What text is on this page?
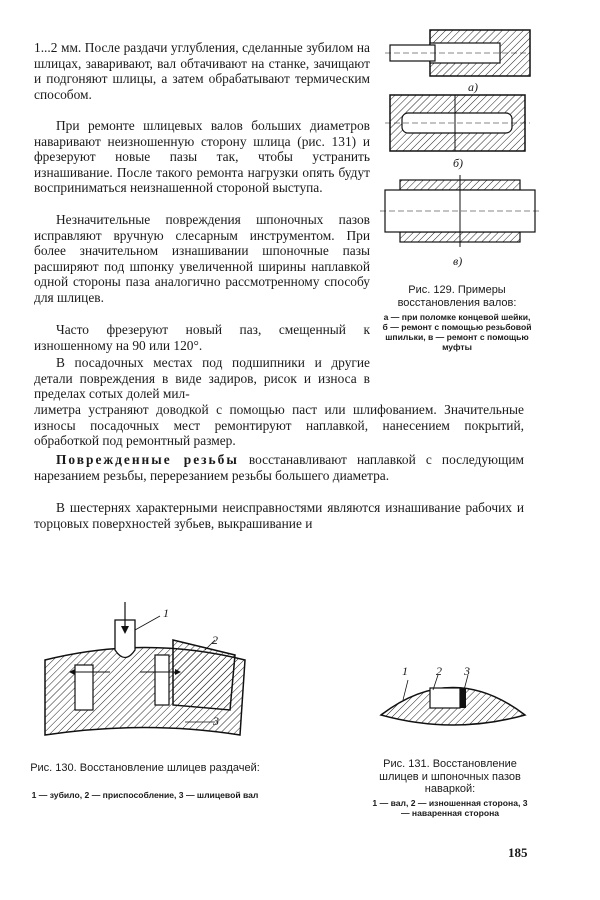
1...2 мм. После раздачи углубления, сделанные зубилом на шлицах, заваривают, вал обтачивают на станке, зачищают и подгоняют шлицы, а затем обрабатывают термическим способом.

При ремонте шлицевых валов больших диаметров наваривают неизношенную сторону шлица (рис. 131) и фрезеруют новые пазы так, чтобы устранить изнашивание. После такого ремонта нагрузки опять будут восприниматься неизнашенной стороной выступа.

Незначительные повреждения шпоночных пазов исправляют вручную слесарным инструментом. При более значительном изнашивании шпоночные пазы расширяют под шпонку увеличенной ширины наплавкой одной стороны паза аналогично рассмотренному способу для шлицев.

Часто фрезеруют новый паз, смещенный к изношенному на 90 или 120°.

В посадочных местах под подшипники и другие детали повреждения в виде задиров, рисок и износа в пределах сотых долей мил-

лиметра устраняют доводкой с помощью паст или шлифованием. Значительные износы посадочных мест ремонтируют наплавкой, нанесением покрытий, обработкой под ремонтный размер.

Поврежденные резьбы восстанавливают наплавкой с последующим нарезанием резьбы, перерезанием резьбы большего диаметра.

В шестернях характерными неисправностями являются изнашивание рабочих и торцовых поверхностей зубьев, выкрашивание и

а)
б)
в)

Рис. 129. Примеры восстановления валов:

а — при поломке концевой шейки, б — ремонт с помощью резьбовой шпильки, в — ремонт с помощью муфты

1
2
3

Рис. 130. Восстановление шлицев раздачей:

1 — зубило, 2 — приспособление, 3 — шлицевой вал

1 2 3

Рис. 131. Восстановление шлицев и шпоночных пазов наваркой:

1 — вал, 2 — изношенная сторона, 3 — наваренная сторона

185
